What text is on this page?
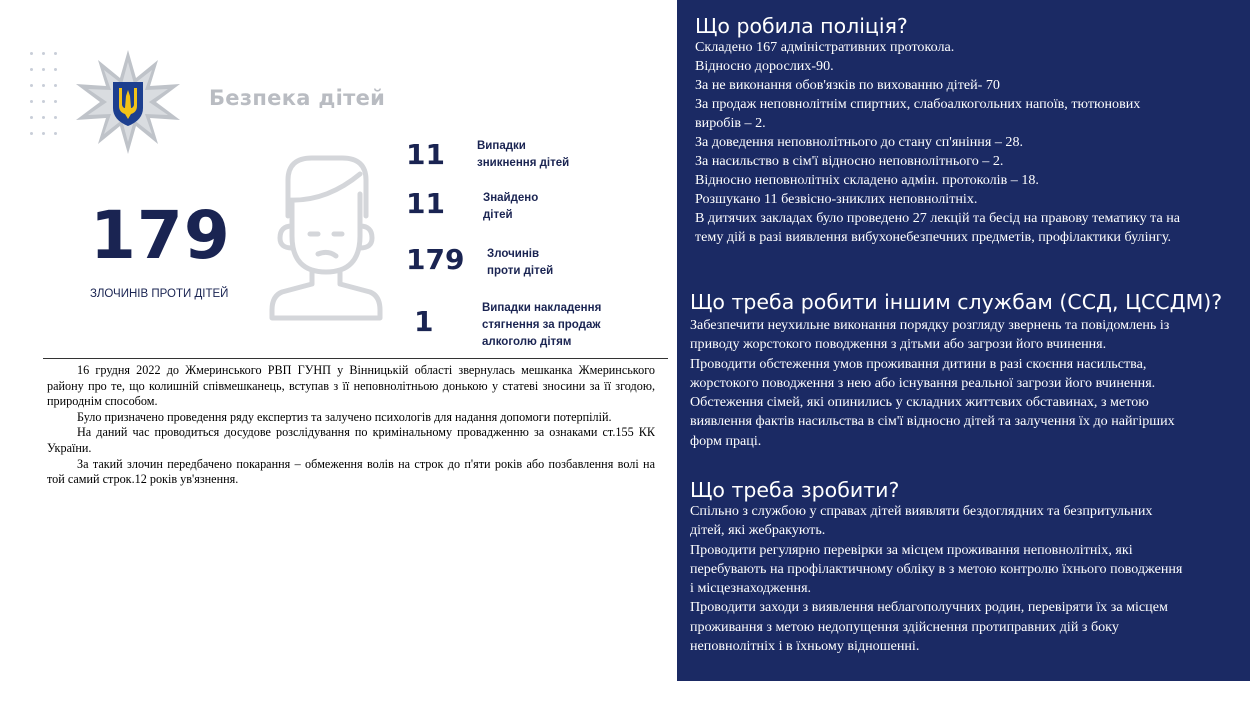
Безпека дітей
179
ЗЛОЧИНІВ ПРОТИ ДІТЕЙ
11	Випадки
зникнення дітей
11	Знайдено
дітей
179 Злочинів
проти дітей
1	Випадки накладення
стягнення за продаж
алкоголю дітям

16 грудня 2022 до Жмеринського РВП ГУНП у Вінницькій області звернулась мешканка Жмеринського району про те, що колишній співмешканець, вступав з її неповнолітньою донькою у статеві зносини за її згодою, природнім способом.

Було призначено проведення ряду експертиз та залучено психологів для надання допомоги потерпілій.

На даний час проводиться досудове розслідування по кримінальному провадженню за ознаками ст.155 КК України.

За такий злочин передбачено покарання – обмеження волів на строк до п'яти років або позбавлення волі на той самий строк.12 років ув'язнення.

Що робила поліція?
Складено 167 адміністративних протокола.
Відносно дорослих-90.
За не виконання обов'язків по вихованню дітей- 70
За продаж неповнолітнім спиртних, слабоалкогольних напоїв, тютюнових
виробів – 2.
За доведення неповнолітнього до стану сп'яніння – 28.
За насильство в сім'ї відносно неповнолітнього – 2.
Відносно неповнолітніх складено адмін. протоколів – 18.
Розшукано 11 безвісно-зниклих неповнолітніх.
В дитячих закладах було проведено 27 лекцій та бесід на правову тематику та на
тему дій в разі виявлення вибухонебезпечних предметів, профілактики булінгу.
Що треба робити іншим службам (ССД, ЦССДМ)?
Забезпечити неухильне виконання порядку розгляду звернень та повідомлень із
приводу жорстокого поводження з дітьми або загрози його вчинення.
Проводити обстеження умов проживання дитини в разі скоєння насильства,
жорстокого поводження з нею або існування реальної загрози його вчинення.
Обстеження сімей, які опинились у складних життєвих обставинах, з метою
виявлення фактів насильства в сім'ї відносно дітей та залучення їх до найгірших
форм праці.
Що треба зробити?
Спільно з службою у справах дітей виявляти бездоглядних та безпритульних
дітей, які жебракують.
Проводити регулярно перевірки за місцем проживання неповнолітніх, які
перебувають на профілактичному обліку в з метою контролю їхнього поводження
і місцезнаходження.
Проводити заходи з виявлення неблагополучних родин, перевіряти їх за місцем
проживання з метою недопущення здійснення протиправних дій з боку
неповнолітніх і в їхньому відношенні.
